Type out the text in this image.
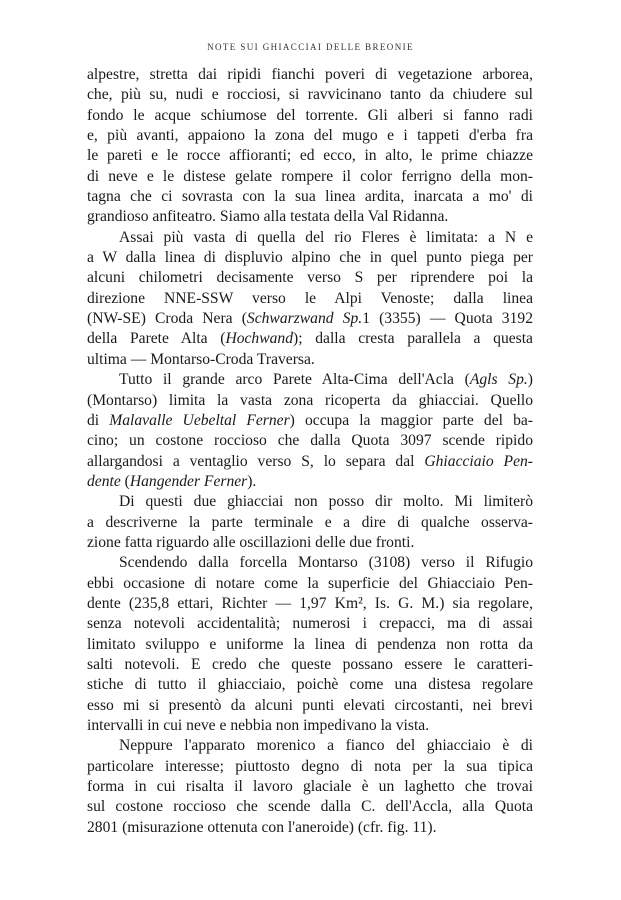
NOTE SUI GHIACCIAI DELLE BREONIE
alpestre, stretta dai ripidi fianchi poveri di vegetazione arborea,
che, più su, nudi e rocciosi, si ravvicinano tanto da chiudere sul
fondo le acque schiumose del torrente. Gli alberi si fanno radi
e, più avanti, appaiono la zona del mugo e i tappeti d'erba fra
le pareti e le rocce affioranti; ed ecco, in alto, le prime chiazze
di neve e le distese gelate rompere il color ferrigno della mon-
tagna che ci sovrasta con la sua linea ardita, inarcata a mo' di
grandioso anfiteatro. Siamo alla testata della Val Ridanna.
Assai più vasta di quella del rio Fleres è limitata: a N e
a W dalla linea di displuvio alpino che in quel punto piega per
alcuni chilometri decisamente verso S per riprendere poi la
direzione NNE-SSW verso le Alpi Venoste; dalla linea
(NW-SE) Croda Nera (Schwarzwand Sp.1 (3355) — Quota 3192
della Parete Alta (Hochwand); dalla cresta parallela a questa
ultima — Montarso-Croda Traversa.
Tutto il grande arco Parete Alta-Cima dell'Acla (Agls Sp.)
(Montarso) limita la vasta zona ricoperta da ghiacciai. Quello
di Malavalle Uebeltal Ferner) occupa la maggior parte del ba-
cino; un costone roccioso che dalla Quota 3097 scende ripido
allargandosi a ventaglio verso S, lo separa dal Ghiacciaio Pen-
dente (Hangender Ferner).
Di questi due ghiacciai non posso dir molto. Mi limiterò
a descriverne la parte terminale e a dire di qualche osserva-
zione fatta riguardo alle oscillazioni delle due fronti.
Scendendo dalla forcella Montarso (3108) verso il Rifugio
ebbi occasione di notare come la superficie del Ghiacciaio Pen-
dente (235,8 ettari, Richter — 1,97 Km², Is. G. M.) sia regolare,
senza notevoli accidentalità; numerosi i crepacci, ma di assai
limitato sviluppo e uniforme la linea di pendenza non rotta da
salti notevoli. E credo che queste possano essere le caratteri-
stiche di tutto il ghiacciaio, poichè come una distesa regolare
esso mi si presentò da alcuni punti elevati circostanti, nei brevi
intervalli in cui neve e nebbia non impedivano la vista.
Neppure l'apparato morenico a fianco del ghiacciaio è di
particolare interesse; piuttosto degno di nota per la sua tipica
forma in cui risalta il lavoro glaciale è un laghetto che trovai
sul costone roccioso che scende dalla C. dell'Accla, alla Quota
2801 (misurazione ottenuta con l'aneroide) (cfr. fig. 11).
